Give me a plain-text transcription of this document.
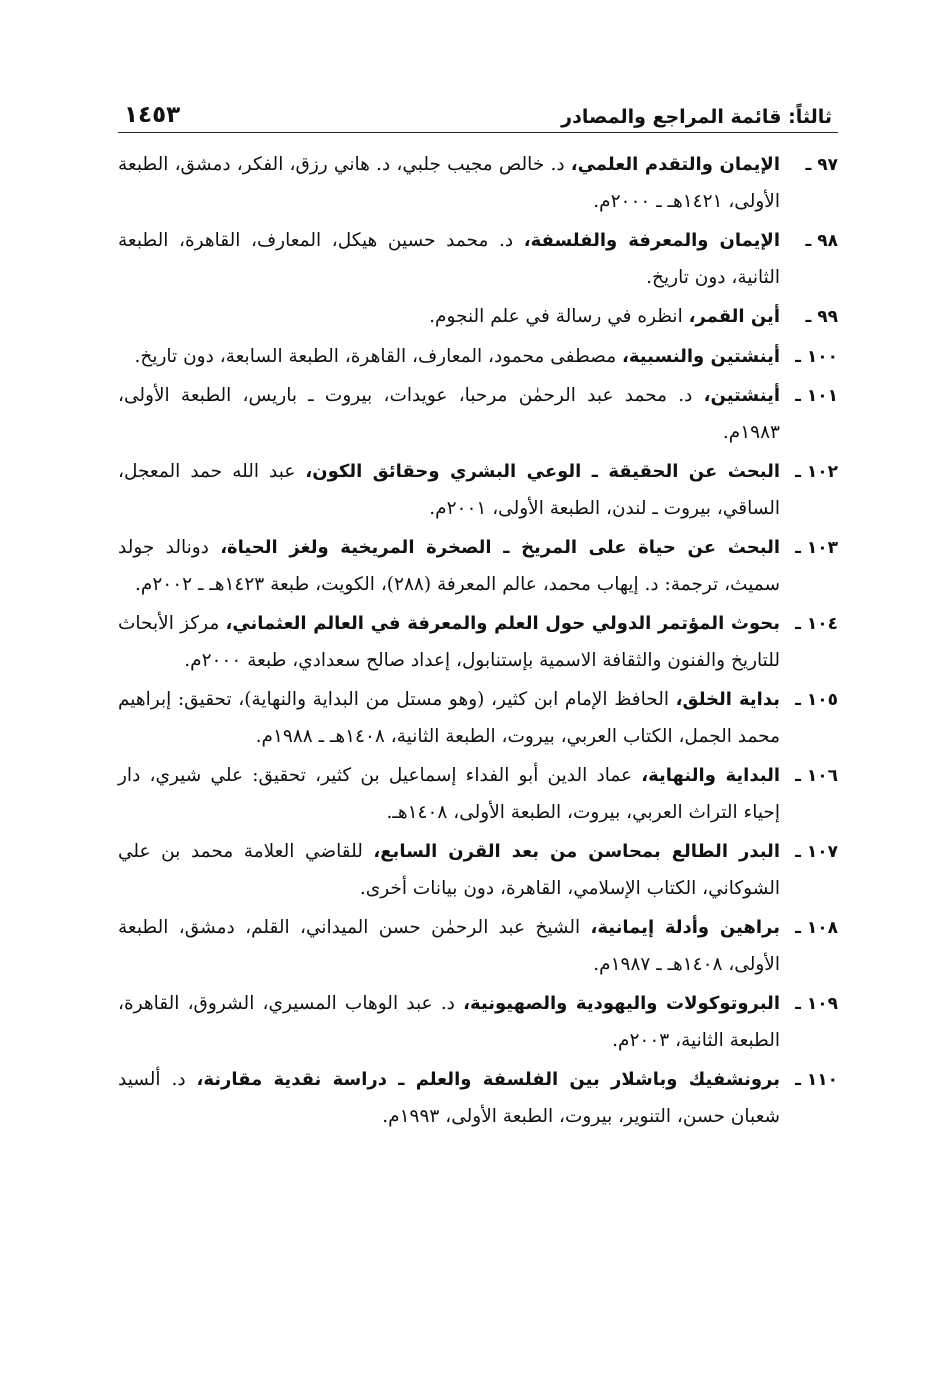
ثالثاً: قائمة المراجع والمصادر
١٤٥٣
٩٧ ـ
الإيمان والتقدم العلمي، د. خالص مجيب جلبي، د. هاني رزق، الفكر، دمشق، الطبعة الأولى، ١٤٢١هـ ـ ٢٠٠٠م.
٩٨ ـ
الإيمان والمعرفة والفلسفة، د. محمد حسين هيكل، المعارف، القاهرة، الطبعة الثانية، دون تاريخ.
٩٩ ـ
أين القمر، انظره في رسالة في علم النجوم.
١٠٠ ـ
أينشتين والنسبية، مصطفى محمود، المعارف، القاهرة، الطبعة السابعة، دون تاريخ.
١٠١ ـ
أينشتين، د. محمد عبد الرحمٰن مرحبا، عويدات، بيروت ـ باريس، الطبعة الأولى، ١٩٨٣م.
١٠٢ ـ
البحث عن الحقيقة ـ الوعي البشري وحقائق الكون، عبد الله حمد المعجل، الساقي، بيروت ـ لندن، الطبعة الأولى، ٢٠٠١م.
١٠٣ ـ
البحث عن حياة على المريخ ـ الصخرة المريخية ولغز الحياة، دونالد جولد سميث، ترجمة: د. إيهاب محمد، عالم المعرفة (٢٨٨)، الكويت، طبعة ١٤٢٣هـ ـ ٢٠٠٢م.
١٠٤ ـ
بحوث المؤتمر الدولي حول العلم والمعرفة في العالم العثماني، مركز الأبحاث للتاريخ والفنون والثقافة الاسمية بإستنابول، إعداد صالح سعدادي، طبعة ٢٠٠٠م.
١٠٥ ـ
بداية الخلق، الحافظ الإمام ابن كثير، (وهو مستل من البداية والنهاية)، تحقيق: إبراهيم محمد الجمل، الكتاب العربي، بيروت، الطبعة الثانية، ١٤٠٨هـ ـ ١٩٨٨م.
١٠٦ ـ
البداية والنهاية، عماد الدين أبو الفداء إسماعيل بن كثير، تحقيق: علي شيري، دار إحياء التراث العربي، بيروت، الطبعة الأولى، ١٤٠٨هـ.
١٠٧ ـ
البدر الطالع بمحاسن من بعد القرن السابع، للقاضي العلامة محمد بن علي الشوكاني، الكتاب الإسلامي، القاهرة، دون بيانات أخرى.
١٠٨ ـ
براهين وأدلة إيمانية، الشيخ عبد الرحمٰن حسن الميداني، القلم، دمشق، الطبعة الأولى، ١٤٠٨هـ ـ ١٩٨٧م.
١٠٩ ـ
البروتوكولات واليهودية والصهيونية، د. عبد الوهاب المسيري، الشروق، القاهرة، الطبعة الثانية، ٢٠٠٣م.
١١٠ ـ
برونشفيك وباشلار بين الفلسفة والعلم ـ دراسة نقدية مقارنة، د. ألسيد شعبان حسن، التنوير، بيروت، الطبعة الأولى، ١٩٩٣م.
